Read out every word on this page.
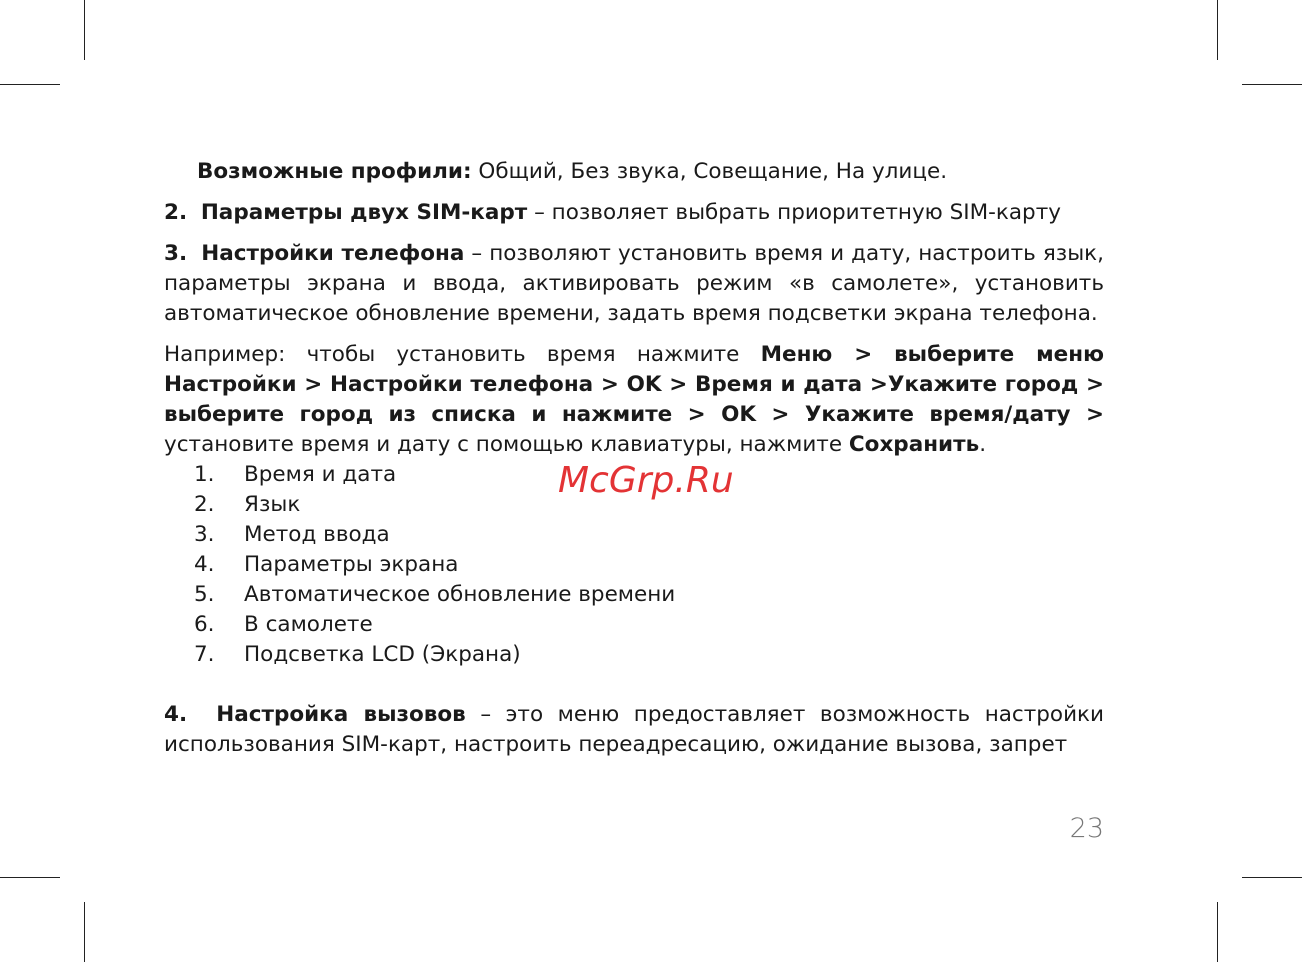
Возможные профили: Общий, Без звука, Совещание, На улице.

2. Параметры двух SIM-карт – позволяет выбрать приоритетную SIM-карту

3. Настройки телефона – позволяют установить время и дату, настроить язык, параметры экрана и ввода, активировать режим «в самолете», установить автоматическое обновление времени, задать время подсветки экрана телефона.

Например: чтобы установить время нажмите Меню > выберите меню Настройки > Настройки телефона > OK > Время и дата >Укажите город > выберите город из списка и нажмите > OK > Укажите время/дату > установите время и дату с помощью клавиатуры, нажмите Сохранить.

1.	Время и дата
2.	Язык
3.	Метод ввода
4.	Параметры экрана
5.	Автоматическое обновление времени
6.	В самолете
7.	Подсветка LCD (Экрана)

4. Настройка вызовов – это меню предоставляет возможность настройки использования SIM-карт, настроить переадресацию, ожидание вызова, запрет

23
McGrp.Ru
